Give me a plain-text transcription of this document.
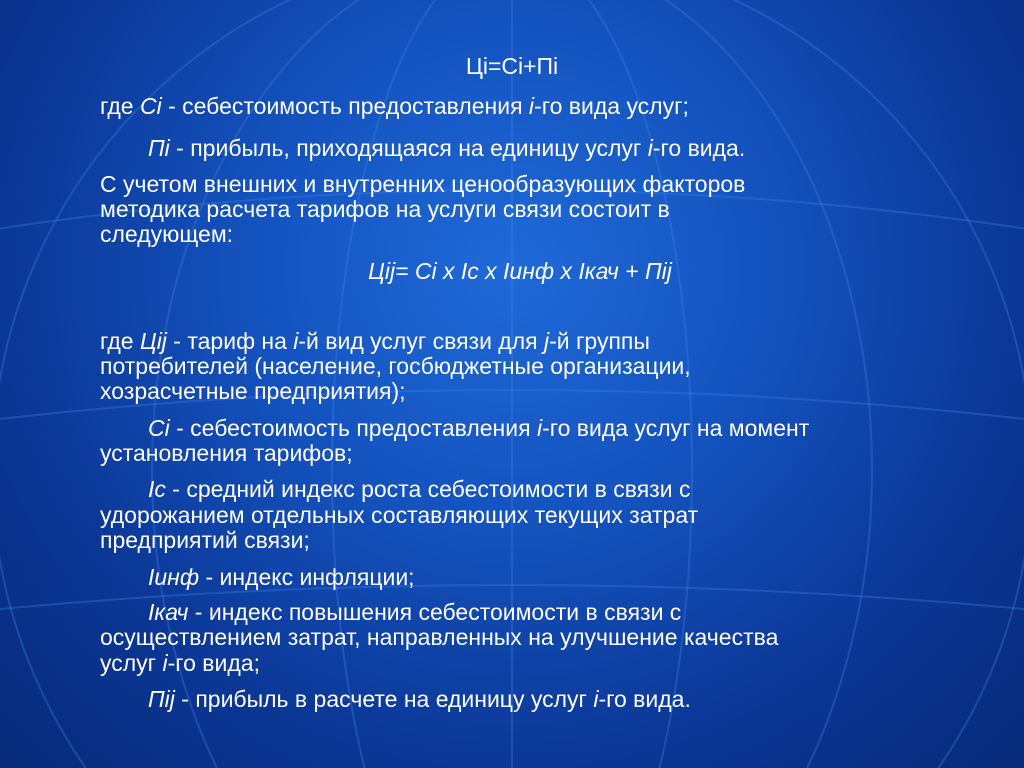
Цi=Ci+Пi
где Ci - себестоимость предоставления i-го вида услуг;
Пi - прибыль, приходящаяся на единицу услуг i-го вида.
С учетом внешних и внутренних ценообразующих факторов
методика расчета тарифов на услуги связи состоит в
следующем:
Цij= Ci x Ic x Iинф x Iкач + Пij
где Цij - тариф на i-й вид услуг связи для j-й группы
потребителей (население, госбюджетные организации,
хозрасчетные предприятия);
Ci - себестоимость предоставления i-го вида услуг на момент
установления тарифов;
Ic - средний индекс роста себестоимости в связи с
удорожанием отдельных составляющих текущих затрат
предприятий связи;
Iинф - индекс инфляции;
Iкач - индекс повышения себестоимости в связи с
осуществлением затрат, направленных на улучшение качества
услуг i-го вида;
Пij - прибыль в расчете на единицу услуг i-го вида.
